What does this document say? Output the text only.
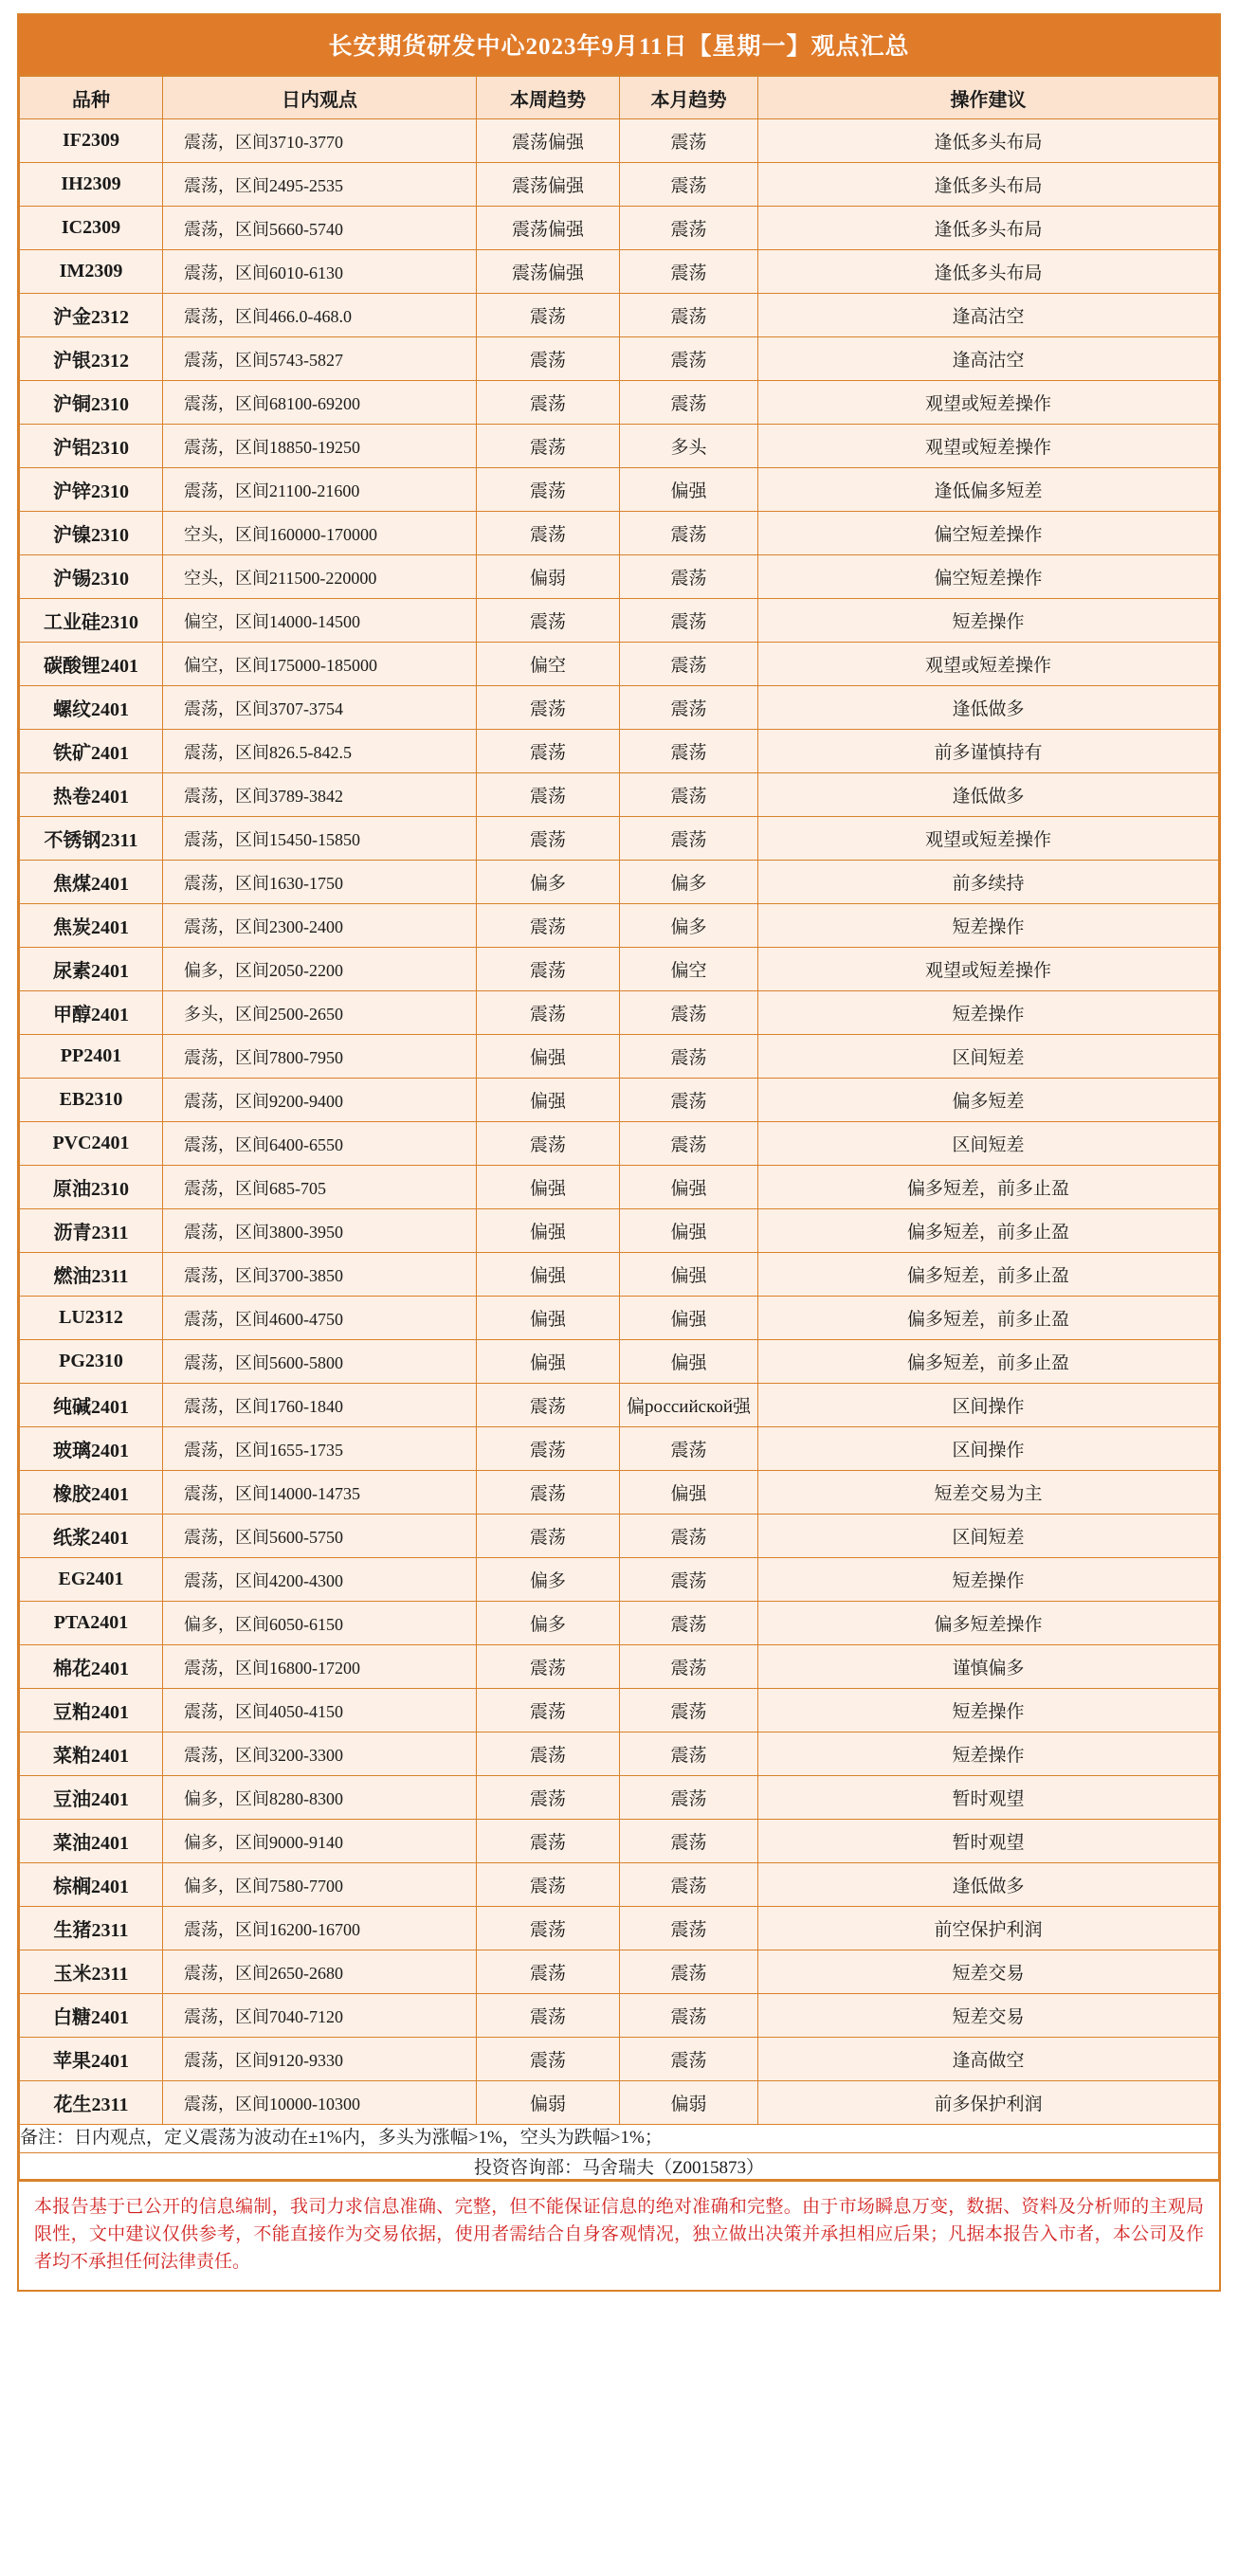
长安期货研发中心2023年9月11日【星期一】观点汇总
品种	日内观点	本周趋势	本月趋势	操作建议
IF2309	震荡，区间3710-3770	震荡偏强	震荡	逢低多头布局
IH2309	震荡，区间2495-2535	震荡偏强	震荡	逢低多头布局
IC2309	震荡，区间5660-5740	震荡偏强	震荡	逢低多头布局
IM2309	震荡，区间6010-6130	震荡偏强	震荡	逢低多头布局
沪金2312	震荡，区间466.0-468.0	震荡	震荡	逢高沽空
沪银2312	震荡，区间5743-5827	震荡	震荡	逢高沽空
沪铜2310	震荡，区间68100-69200	震荡	震荡	观望或短差操作
沪铝2310	震荡，区间18850-19250	震荡	多头	观望或短差操作
沪锌2310	震荡，区间21100-21600	震荡	偏强	逢低偏多短差
沪镍2310	空头，区间160000-170000	震荡	震荡	偏空短差操作
沪锡2310	空头，区间211500-220000	偏弱	震荡	偏空短差操作
工业硅2310	偏空，区间14000-14500	震荡	震荡	短差操作
碳酸锂2401	偏空，区间175000-185000	偏空	震荡	观望或短差操作
螺纹2401	震荡，区间3707-3754	震荡	震荡	逢低做多
铁矿2401	震荡，区间826.5-842.5	震荡	震荡	前多谨慎持有
热卷2401	震荡，区间3789-3842	震荡	震荡	逢低做多
不锈钢2311	震荡，区间15450-15850	震荡	震荡	观望或短差操作
焦煤2401	震荡，区间1630-1750	偏多	偏多	前多续持
焦炭2401	震荡，区间2300-2400	震荡	偏多	短差操作
尿素2401	偏多，区间2050-2200	震荡	偏空	观望或短差操作
甲醇2401	多头，区间2500-2650	震荡	震荡	短差操作
PP2401	震荡，区间7800-7950	偏强	震荡	区间短差
EB2310	震荡，区间9200-9400	偏强	震荡	偏多短差
PVC2401	震荡，区间6400-6550	震荡	震荡	区间短差
原油2310	震荡，区间685-705	偏强	偏强	偏多短差，前多止盈
沥青2311	震荡，区间3800-3950	偏强	偏强	偏多短差，前多止盈
燃油2311	震荡，区间3700-3850	偏强	偏强	偏多短差，前多止盈
LU2312	震荡，区间4600-4750	偏强	偏强	偏多短差，前多止盈
PG2310	震荡，区间5600-5800	偏强	偏强	偏多短差，前多止盈
纯碱2401	震荡，区间1760-1840	震荡	偏российской强	区间操作
玻璃2401	震荡，区间1655-1735	震荡	震荡	区间操作
橡胶2401	震荡，区间14000-14735	震荡	偏强	短差交易为主
纸浆2401	震荡，区间5600-5750	震荡	震荡	区间短差
EG2401	震荡，区间4200-4300	偏多	震荡	短差操作
PTA2401	偏多，区间6050-6150	偏多	震荡	偏多短差操作
棉花2401	震荡，区间16800-17200	震荡	震荡	谨慎偏多
豆粕2401	震荡，区间4050-4150	震荡	震荡	短差操作
菜粕2401	震荡，区间3200-3300	震荡	震荡	短差操作
豆油2401	偏多，区间8280-8300	震荡	震荡	暂时观望
菜油2401	偏多，区间9000-9140	震荡	震荡	暂时观望
棕榈2401	偏多，区间7580-7700	震荡	震荡	逢低做多
生猪2311	震荡，区间16200-16700	震荡	震荡	前空保护利润
玉米2311	震荡，区间2650-2680	震荡	震荡	短差交易
白糖2401	震荡，区间7040-7120	震荡	震荡	短差交易
苹果2401	震荡，区间9120-9330	震荡	震荡	逢高做空
花生2311	震荡，区间10000-10300	偏弱	偏弱	前多保护利润
备注：日内观点，定义震荡为波动在±1%内，多头为涨幅>1%，空头为跌幅>1%；				
投资咨询部：马舍瑞夫（Z0015873）				

本报告基于已公开的信息编制，我司力求信息准确、完整，但不能保证信息的绝对准确和完整。由于市场瞬息万变，数据、资料及分析师的主观局限性，文中建议仅供参考，不能直接作为交易依据，使用者需结合自身客观情况，独立做出决策并承担相应后果；凡据本报告入市者，本公司及作者均不承担任何法律责任。
